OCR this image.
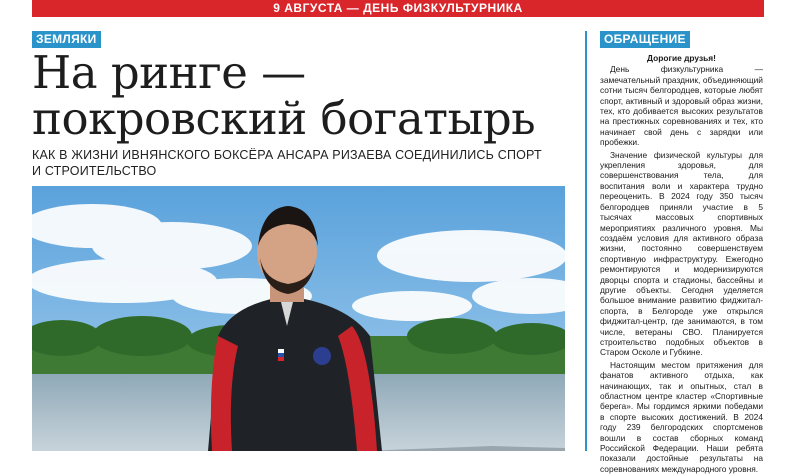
9 АВГУСТА — ДЕНЬ ФИЗКУЛЬТУРНИКА
ЗЕМЛЯКИ
На ринге —
покровский богатырь

КАК В ЖИЗНИ ИВНЯНСКОГО БОКСЁРА АНСАРА РИЗАЕВА СОЕДИНИЛИСЬ СПОРТ И СТРОИТЕЛЬСТВО

ОБРАЩЕНИЕ
Дорогие друзья!

День физкультурника — замечательный праздник, объединяющий сотни тысяч белгородцев, которые любят спорт, активный и здоровый образ жизни, тех, кто добивается высоких результатов на престижных соревнованиях и тех, кто начинает свой день с зарядки или пробежки.

Значение физической культуры для укрепления здоровья, для совершенствования тела, для воспитания воли и характера трудно переоценить. В 2024 году 350 тысяч белгородцев приняли участие в 5 тысячах массовых спортивных мероприятиях различного уровня. Мы создаём условия для активного образа жизни, постоянно совершенствуем спортивную инфраструктуру. Ежегодно ремонтируются и модернизируются дворцы спорта и стадионы, бассейны и другие объекты. Сегодня уделяется большое внимание развитию фиджитал-спорта, в Белгороде уже открылся фиджитал-центр, где занимаются, в том числе, ветераны СВО. Планируется строительство подобных объектов в Старом Осколе и Губкине.

Настоящим местом притяжения для фанатов активного отдыха, как начинающих, так и опытных, стал в областном центре кластер «Спортивные берега». Мы гордимся яркими победами в спорте высоких достижений. В 2024 году 239 белгородских спортсменов вошли в состав сборных команд Российской Федерации. Наши ребята показали достойные результаты на соревнованиях международного уровня.
